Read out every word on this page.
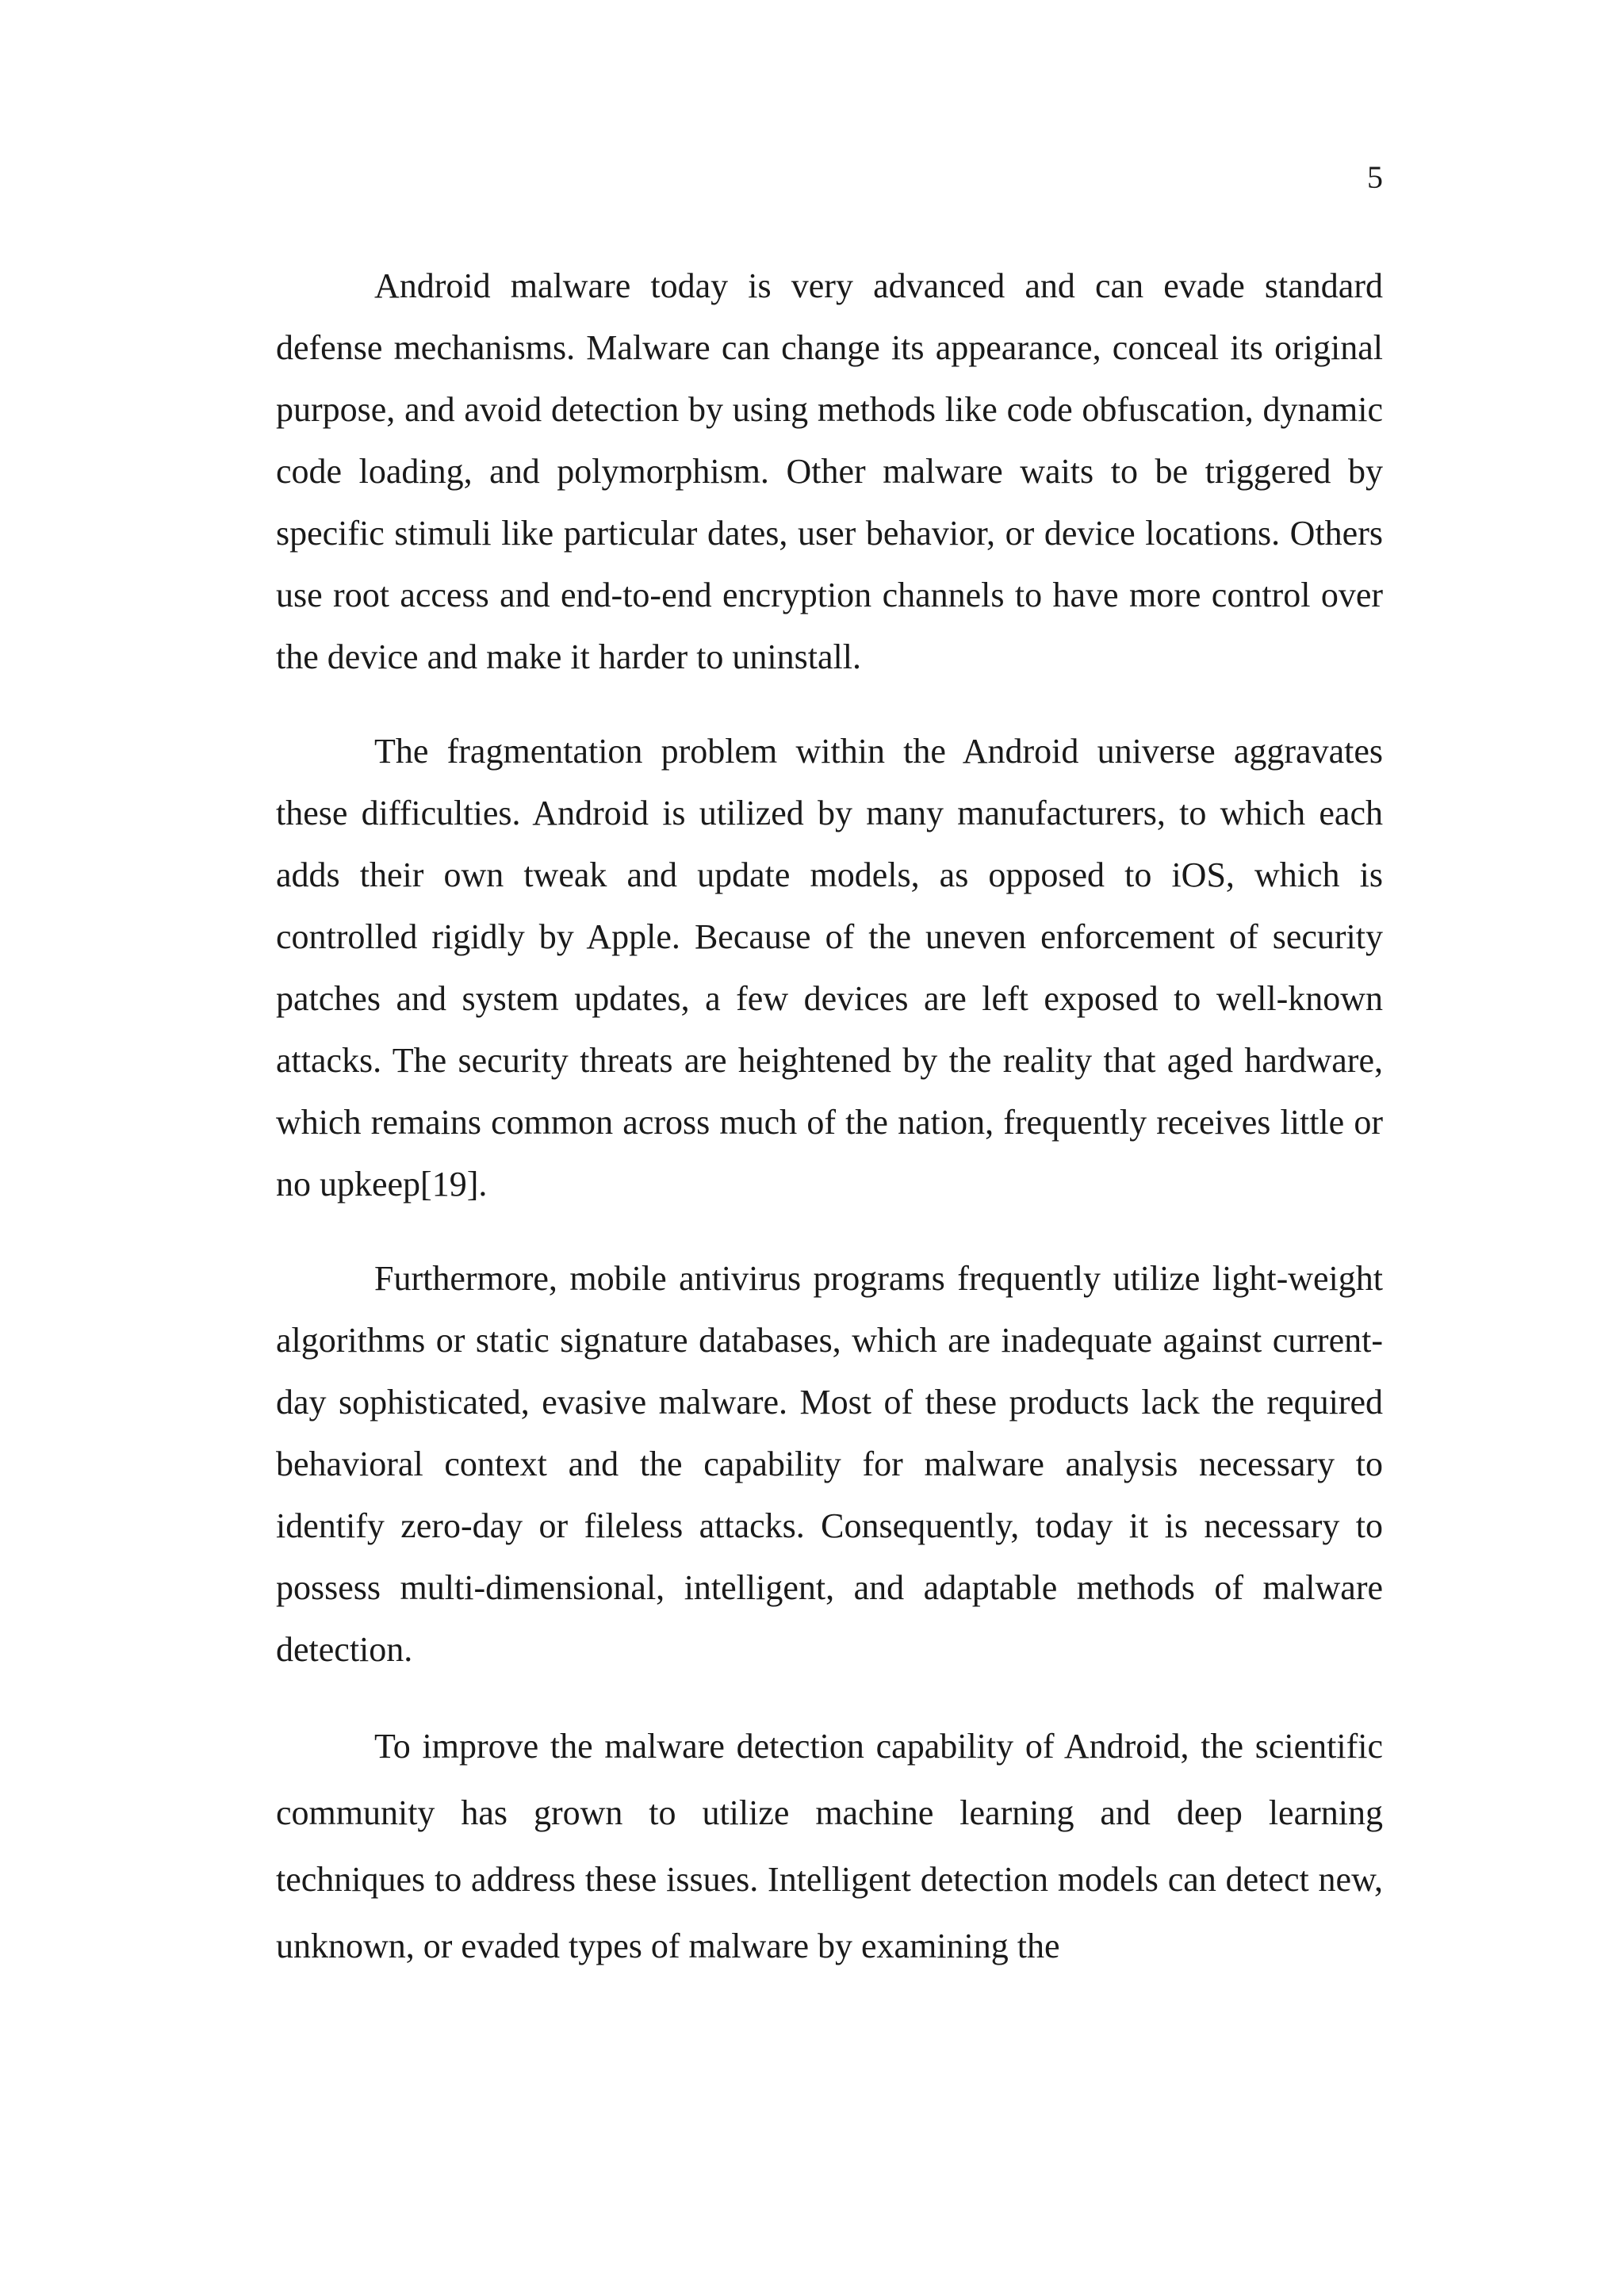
5

Android malware today is very advanced and can evade standard defense mechanisms. Malware can change its appearance, conceal its original purpose, and avoid detection by using methods like code obfuscation, dynamic code loading, and polymorphism. Other malware waits to be triggered by specific stimuli like particular dates, user behavior, or device locations. Others use root access and end-to-end encryption channels to have more control over the device and make it harder to uninstall.

The fragmentation problem within the Android universe aggravates these difficulties. Android is utilized by many manufacturers, to which each adds their own tweak and update models, as opposed to iOS, which is controlled rigidly by Apple. Because of the uneven enforcement of security patches and system updates, a few devices are left exposed to well-known attacks. The security threats are heightened by the reality that aged hardware, which remains common across much of the nation, frequently receives little or no upkeep[19].

Furthermore, mobile antivirus programs frequently utilize light-weight algorithms or static signature databases, which are inadequate against current-day sophisticated, evasive malware. Most of these products lack the required behavioral context and the capability for malware analysis necessary to identify zero-day or fileless attacks. Consequently, today it is necessary to possess multi-dimensional, intelligent, and adaptable methods of malware detection.

To improve the malware detection capability of Android, the scientific community has grown to utilize machine learning and deep learning techniques to address these issues. Intelligent detection models can detect new, unknown, or evaded types of malware by examining the
